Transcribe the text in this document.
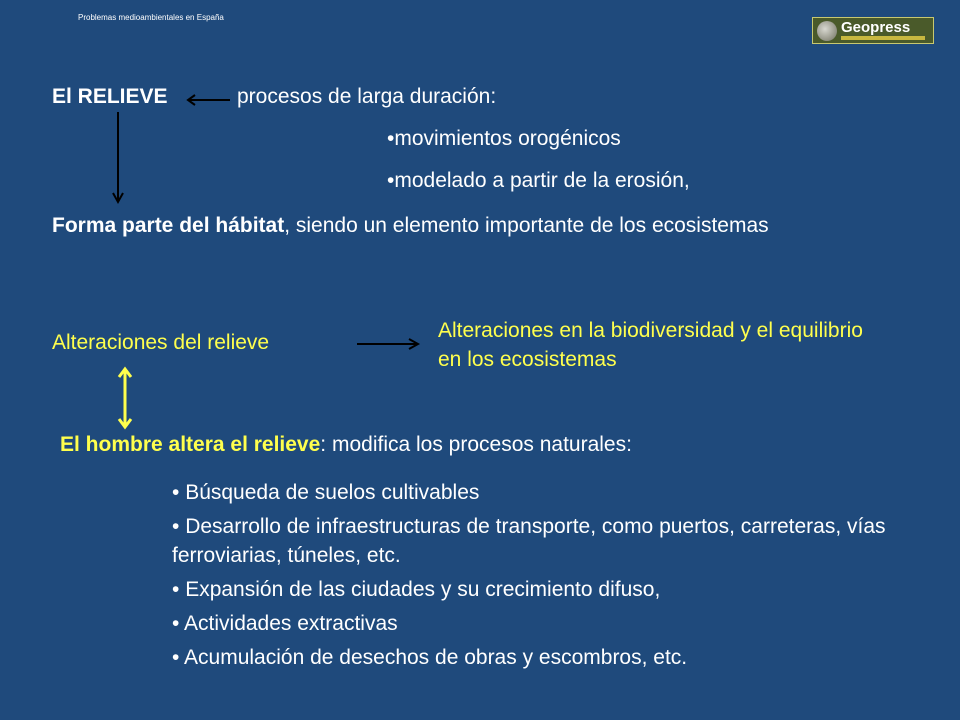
Problemas medioambientales en España
Geopress
El RELIEVE	procesos de larga duración:
•movimientos orogénicos
•modelado a partir de la erosión,
Forma parte del hábitat, siendo un elemento importante de los ecosistemas
Alteraciones del relieve
Alteraciones en la biodiversidad y el equilibrio en los ecosistemas
El hombre altera el relieve: modifica los procesos naturales:
• Búsqueda de suelos cultivables
• Desarrollo de infraestructuras de transporte, como puertos, carreteras, vías ferroviarias, túneles, etc.
• Expansión de las ciudades y su crecimiento difuso,
• Actividades extractivas
• Acumulación de desechos de obras y escombros, etc.
